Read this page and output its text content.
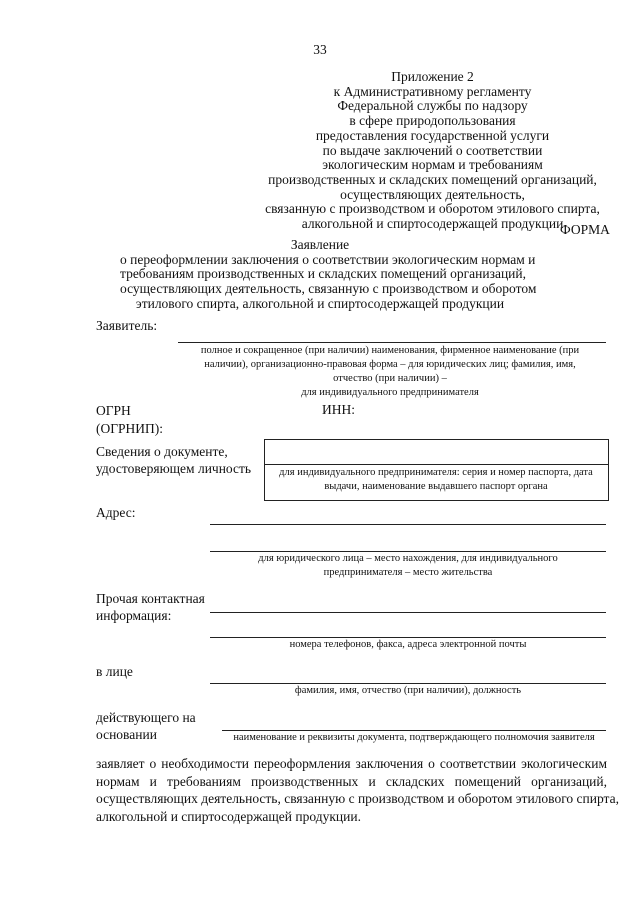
33
Приложение 2
к Административному регламенту
Федеральной службы по надзору
в сфере природопользования
предоставления государственной услуги
по выдаче заключений о соответствии
экологическим нормам и требованиям
производственных и складских помещений организаций,
осуществляющих деятельность,
связанную с производством и оборотом этилового спирта,
алкогольной и спиртосодержащей продукции
ФОРМА
Заявление
о переоформлении заключения о соответствии экологическим нормам и
требованиям производственных и складских помещений организаций,
осуществляющих деятельность, связанную с производством и оборотом
этилового спирта, алкогольной и спиртосодержащей продукции
Заявитель:
полное и сокращенное (при наличии) наименования, фирменное наименование (при
наличии), организационно-правовая форма – для юридических лиц; фамилия, имя,
отчество (при наличии) –
для индивидуального предпринимателя
ОГРН
(ОГРНИП):
ИНН:
Сведения о документе,
удостоверяющем личность	для индивидуального предпринимателя: серия и номер паспорта, дата
выдачи, наименование выдавшего паспорт органа
Адрес:
для юридического лица – место нахождения, для индивидуального
предпринимателя – место жительства
Прочая контактная
информация:
номера телефонов, факса, адреса электронной почты
в лице
фамилия, имя, отчество (при наличии), должность
действующего на
основании	наименование и реквизиты документа, подтверждающего полномочия заявителя
заявляет о необходимости переоформления заключения о соответствии экологическим
нормам и требованиям производственных и складских помещений организаций,
осуществляющих деятельность, связанную с производством и оборотом этилового спирта,
алкогольной и спиртосодержащей продукции.
